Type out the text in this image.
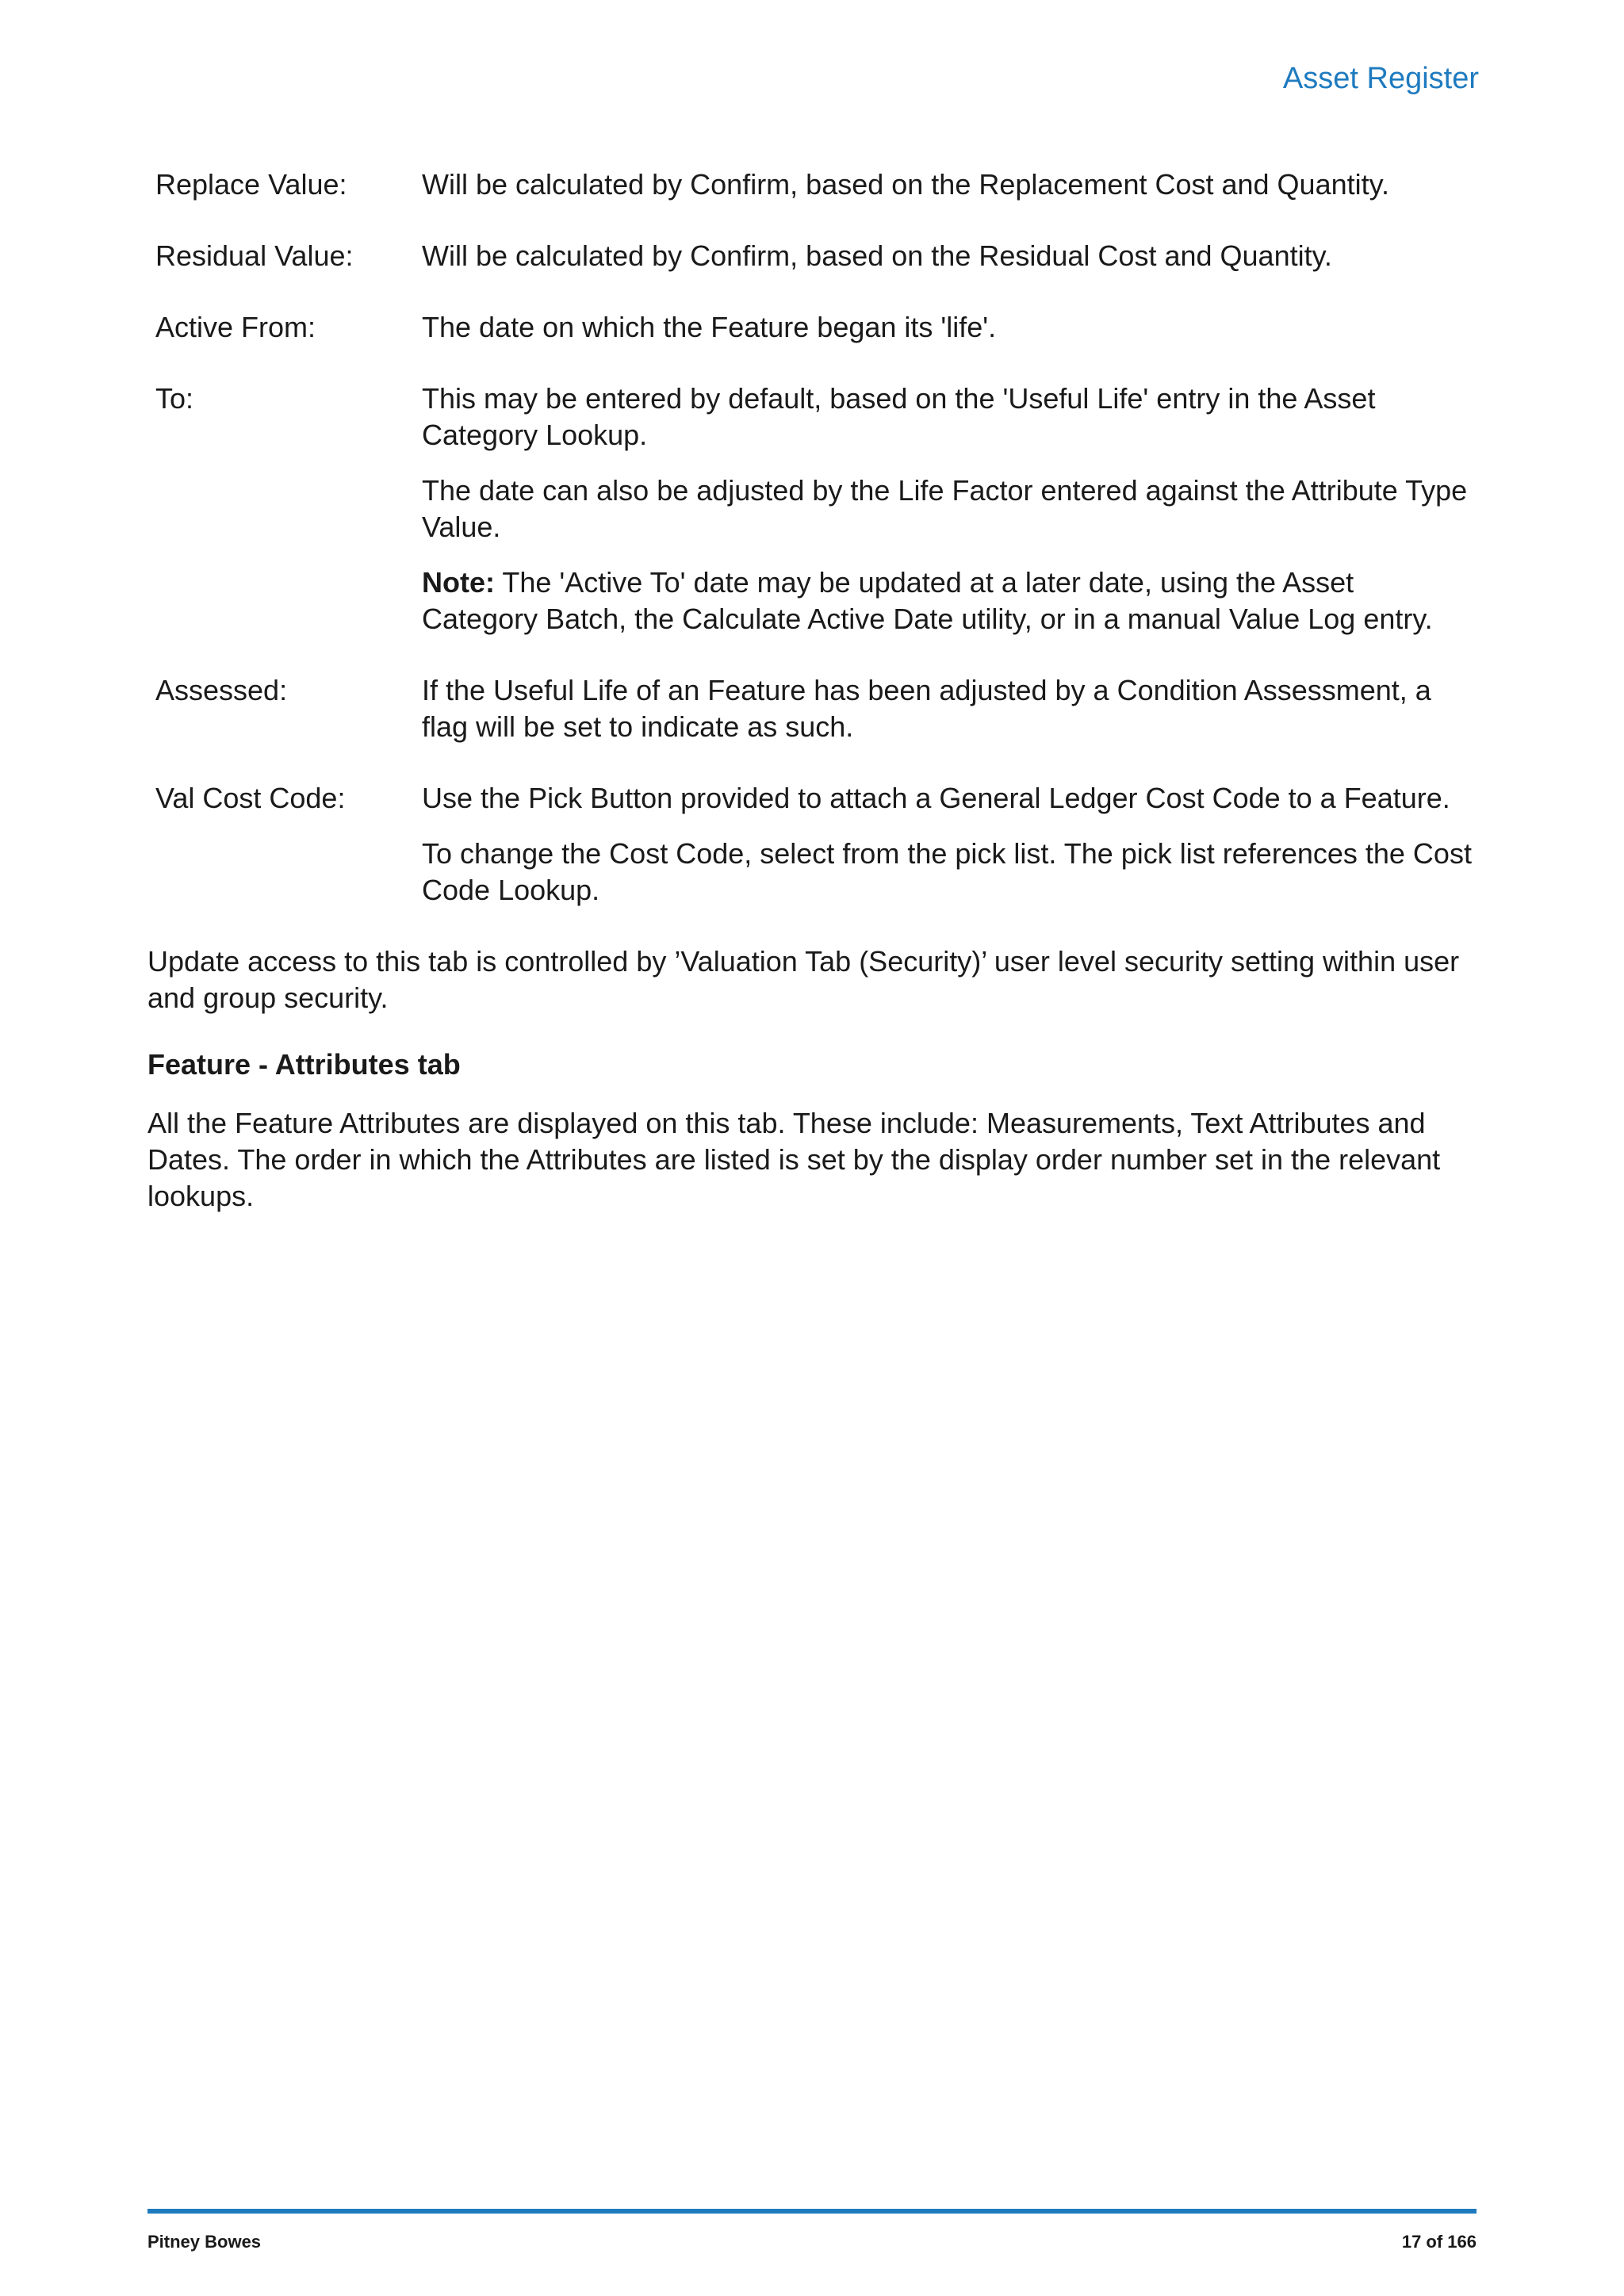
Asset Register
Replace Value:	Will be calculated by Confirm, based on the Replacement Cost and Quantity.

Residual Value:	Will be calculated by Confirm, based on the Residual Cost and Quantity.

Active From:	The date on which the Feature began its 'life'.

To:	This may be entered by default, based on the 'Useful Life' entry in the Asset Category Lookup.

The date can also be adjusted by the Life Factor entered against the Attribute Type Value.

Note: The 'Active To' date may be updated at a later date, using the Asset Category Batch, the Calculate Active Date utility, or in a manual Value Log entry.

Assessed:	If the Useful Life of an Feature has been adjusted by a Condition Assessment, a flag will be set to indicate as such.

Val Cost Code:	Use the Pick Button provided to attach a General Ledger Cost Code to a Feature.

To change the Cost Code, select from the pick list. The pick list references the Cost Code Lookup.

Update access to this tab is controlled by ’Valuation Tab (Security)’ user level security setting within user and group security.

Feature - Attributes tab

All the Feature Attributes are displayed on this tab. These include: Measurements, Text Attributes and Dates. The order in which the Attributes are listed is set by the display order number set in the relevant lookups.

Pitney Bowes	17 of 166
